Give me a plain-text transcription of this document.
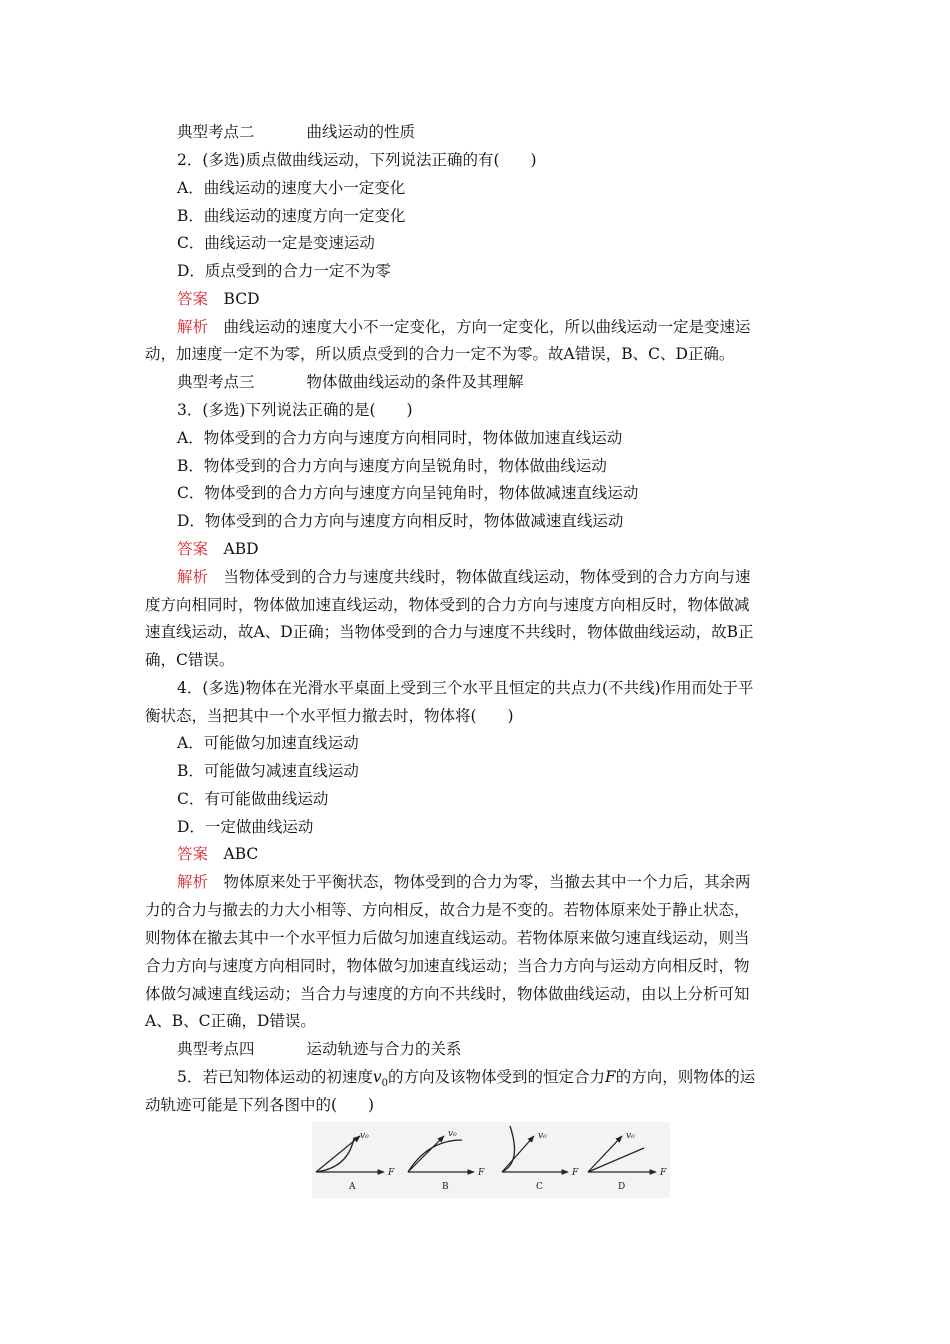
典型考点二	曲线运动的性质
2．(多选)质点做曲线运动，下列说法正确的有(　　)
A．曲线运动的速度大小一定变化
B．曲线运动的速度方向一定变化
C．曲线运动一定是变速运动
D．质点受到的合力一定不为零
答案　 BCD
解析　 曲线运动的速度大小不一定变化，方向一定变化，所以曲线运动一定是变速运
动，加速度一定不为零，所以质点受到的合力一定不为零。故A错误，B、C、D正确。
典型考点三	物体做曲线运动的条件及其理解
3．(多选)下列说法正确的是(　　)
A．物体受到的合力方向与速度方向相同时，物体做加速直线运动
B．物体受到的合力方向与速度方向呈锐角时，物体做曲线运动
C．物体受到的合力方向与速度方向呈钝角时，物体做减速直线运动
D．物体受到的合力方向与速度方向相反时，物体做减速直线运动
答案　 ABD
解析　 当物体受到的合力与速度共线时，物体做直线运动，物体受到的合力方向与速
度方向相同时，物体做加速直线运动，物体受到的合力方向与速度方向相反时，物体做减
速直线运动，故A、D正确；当物体受到的合力与速度不共线时，物体做曲线运动，故B正
确，C错误。
4．(多选)物体在光滑水平桌面上受到三个水平且恒定的共点力(不共线)作用而处于平
衡状态，当把其中一个水平恒力撤去时，物体将(　　)
A．可能做匀加速直线运动
B．可能做匀减速直线运动
C．有可能做曲线运动
D．一定做曲线运动
答案　 ABC
解析　 物体原来处于平衡状态，物体受到的合力为零，当撤去其中一个力后，其余两
力的合力与撤去的力大小相等、方向相反，故合力是不变的。若物体原来处于静止状态，
则物体在撤去其中一个水平恒力后做匀加速直线运动。若物体原来做匀速直线运动，则当
合力方向与速度方向相同时，物体做匀加速直线运动；当合力方向与运动方向相反时，物
体做匀减速直线运动；当合力与速度的方向不共线时，物体做曲线运动，由以上分析可知
A、B、C正确，D错误。
典型考点四	运动轨迹与合力的关系
5．若已知物体运动的初速度$v_0$的方向及该物体受到的恒定合力F的方向，则物体的运
动轨迹可能是下列各图中的(　　)
v₀
F
A
v₀
F
B
v₀
F
C
v₀
F
D
